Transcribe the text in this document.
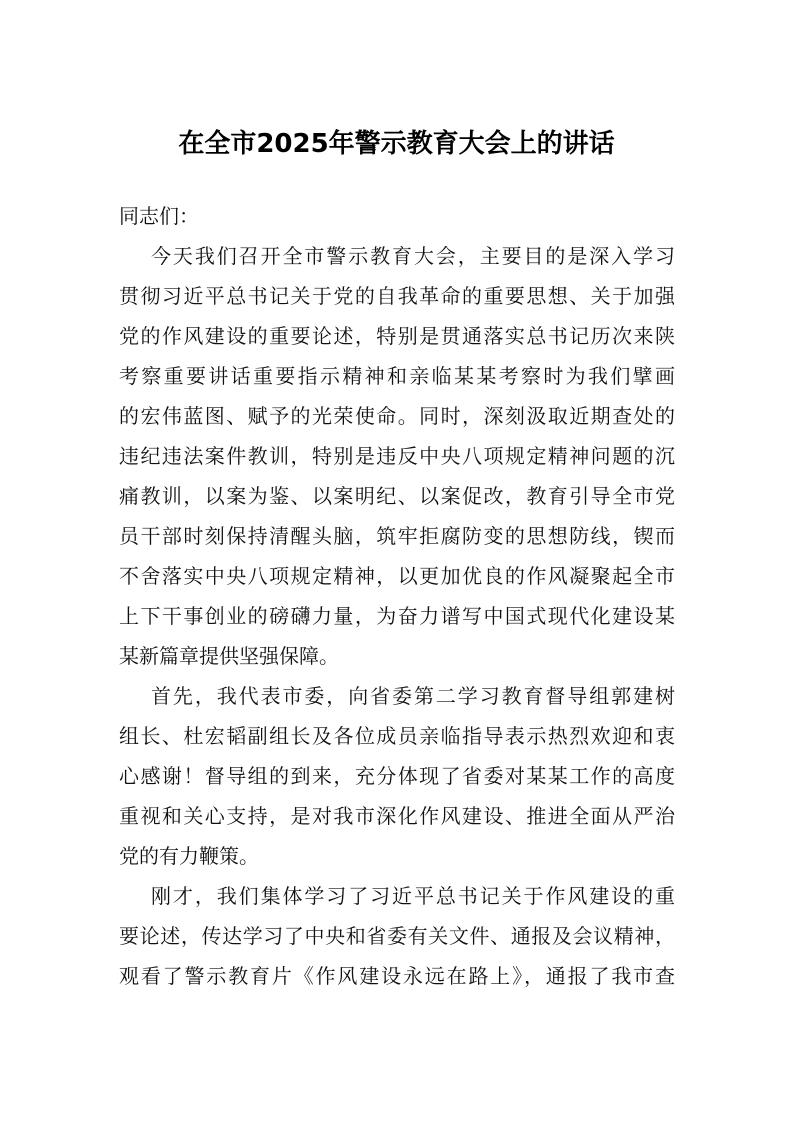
在全市2025年警示教育大会上的讲话

同志们：

今天我们召开全市警示教育大会，主要目的是深入学习
贯彻习近平总书记关于党的自我革命的重要思想、关于加强
党的作风建设的重要论述，特别是贯通落实总书记历次来陕
考察重要讲话重要指示精神和亲临某某考察时为我们擘画
的宏伟蓝图、赋予的光荣使命。同时，深刻汲取近期查处的
违纪违法案件教训，特别是违反中央八项规定精神问题的沉
痛教训，以案为鉴、以案明纪、以案促改，教育引导全市党
员干部时刻保持清醒头脑，筑牢拒腐防变的思想防线，锲而
不舍落实中央八项规定精神，以更加优良的作风凝聚起全市
上下干事创业的磅礴力量，为奋力谱写中国式现代化建设某
某新篇章提供坚强保障。

首先，我代表市委，向省委第二学习教育督导组郭建树
组长、杜宏韬副组长及各位成员亲临指导表示热烈欢迎和衷
心感谢！督导组的到来，充分体现了省委对某某工作的高度
重视和关心支持，是对我市深化作风建设、推进全面从严治
党的有力鞭策。

刚才，我们集体学习了习近平总书记关于作风建设的重
要论述，传达学习了中央和省委有关文件、通报及会议精神，
观看了警示教育片《作风建设永远在路上》，通报了我市查
